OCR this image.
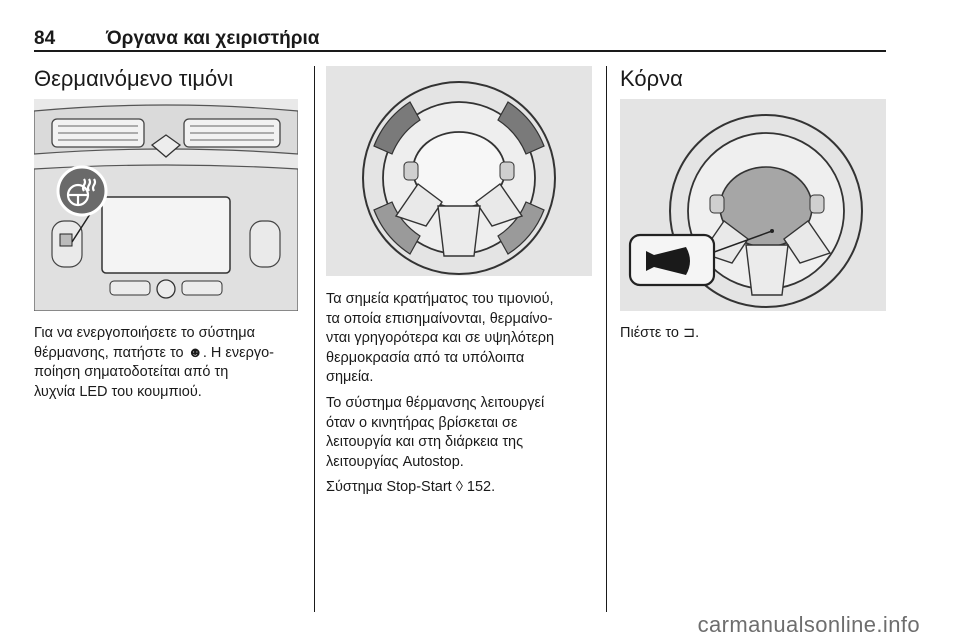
84	Όργανα και χειριστήρια
Θερμαινόμενο τιμόνι
Για να ενεργοποιήσετε το σύστημα
θέρμανσης, πατήστε το ☻. Η ενεργο-
ποίηση σηματοδοτείται από τη
λυχνία LED του κουμπιού.

Τα σημεία κρατήματος του τιμονιού,
τα οποία επισημαίνονται, θερμαίνο-
νται γρηγορότερα και σε υψηλότερη
θερμοκρασία από τα υπόλοιπα
σημεία.

Το σύστημα θέρμανσης λειτουργεί
όταν ο κινητήρας βρίσκεται σε
λειτουργία και στη διάρκεια της
λειτουργίας Autostop.

Σύστημα Stop-Start ◊ 152.

Κόρνα
Πιέστε το ⊐.
carmanualsonline.info
